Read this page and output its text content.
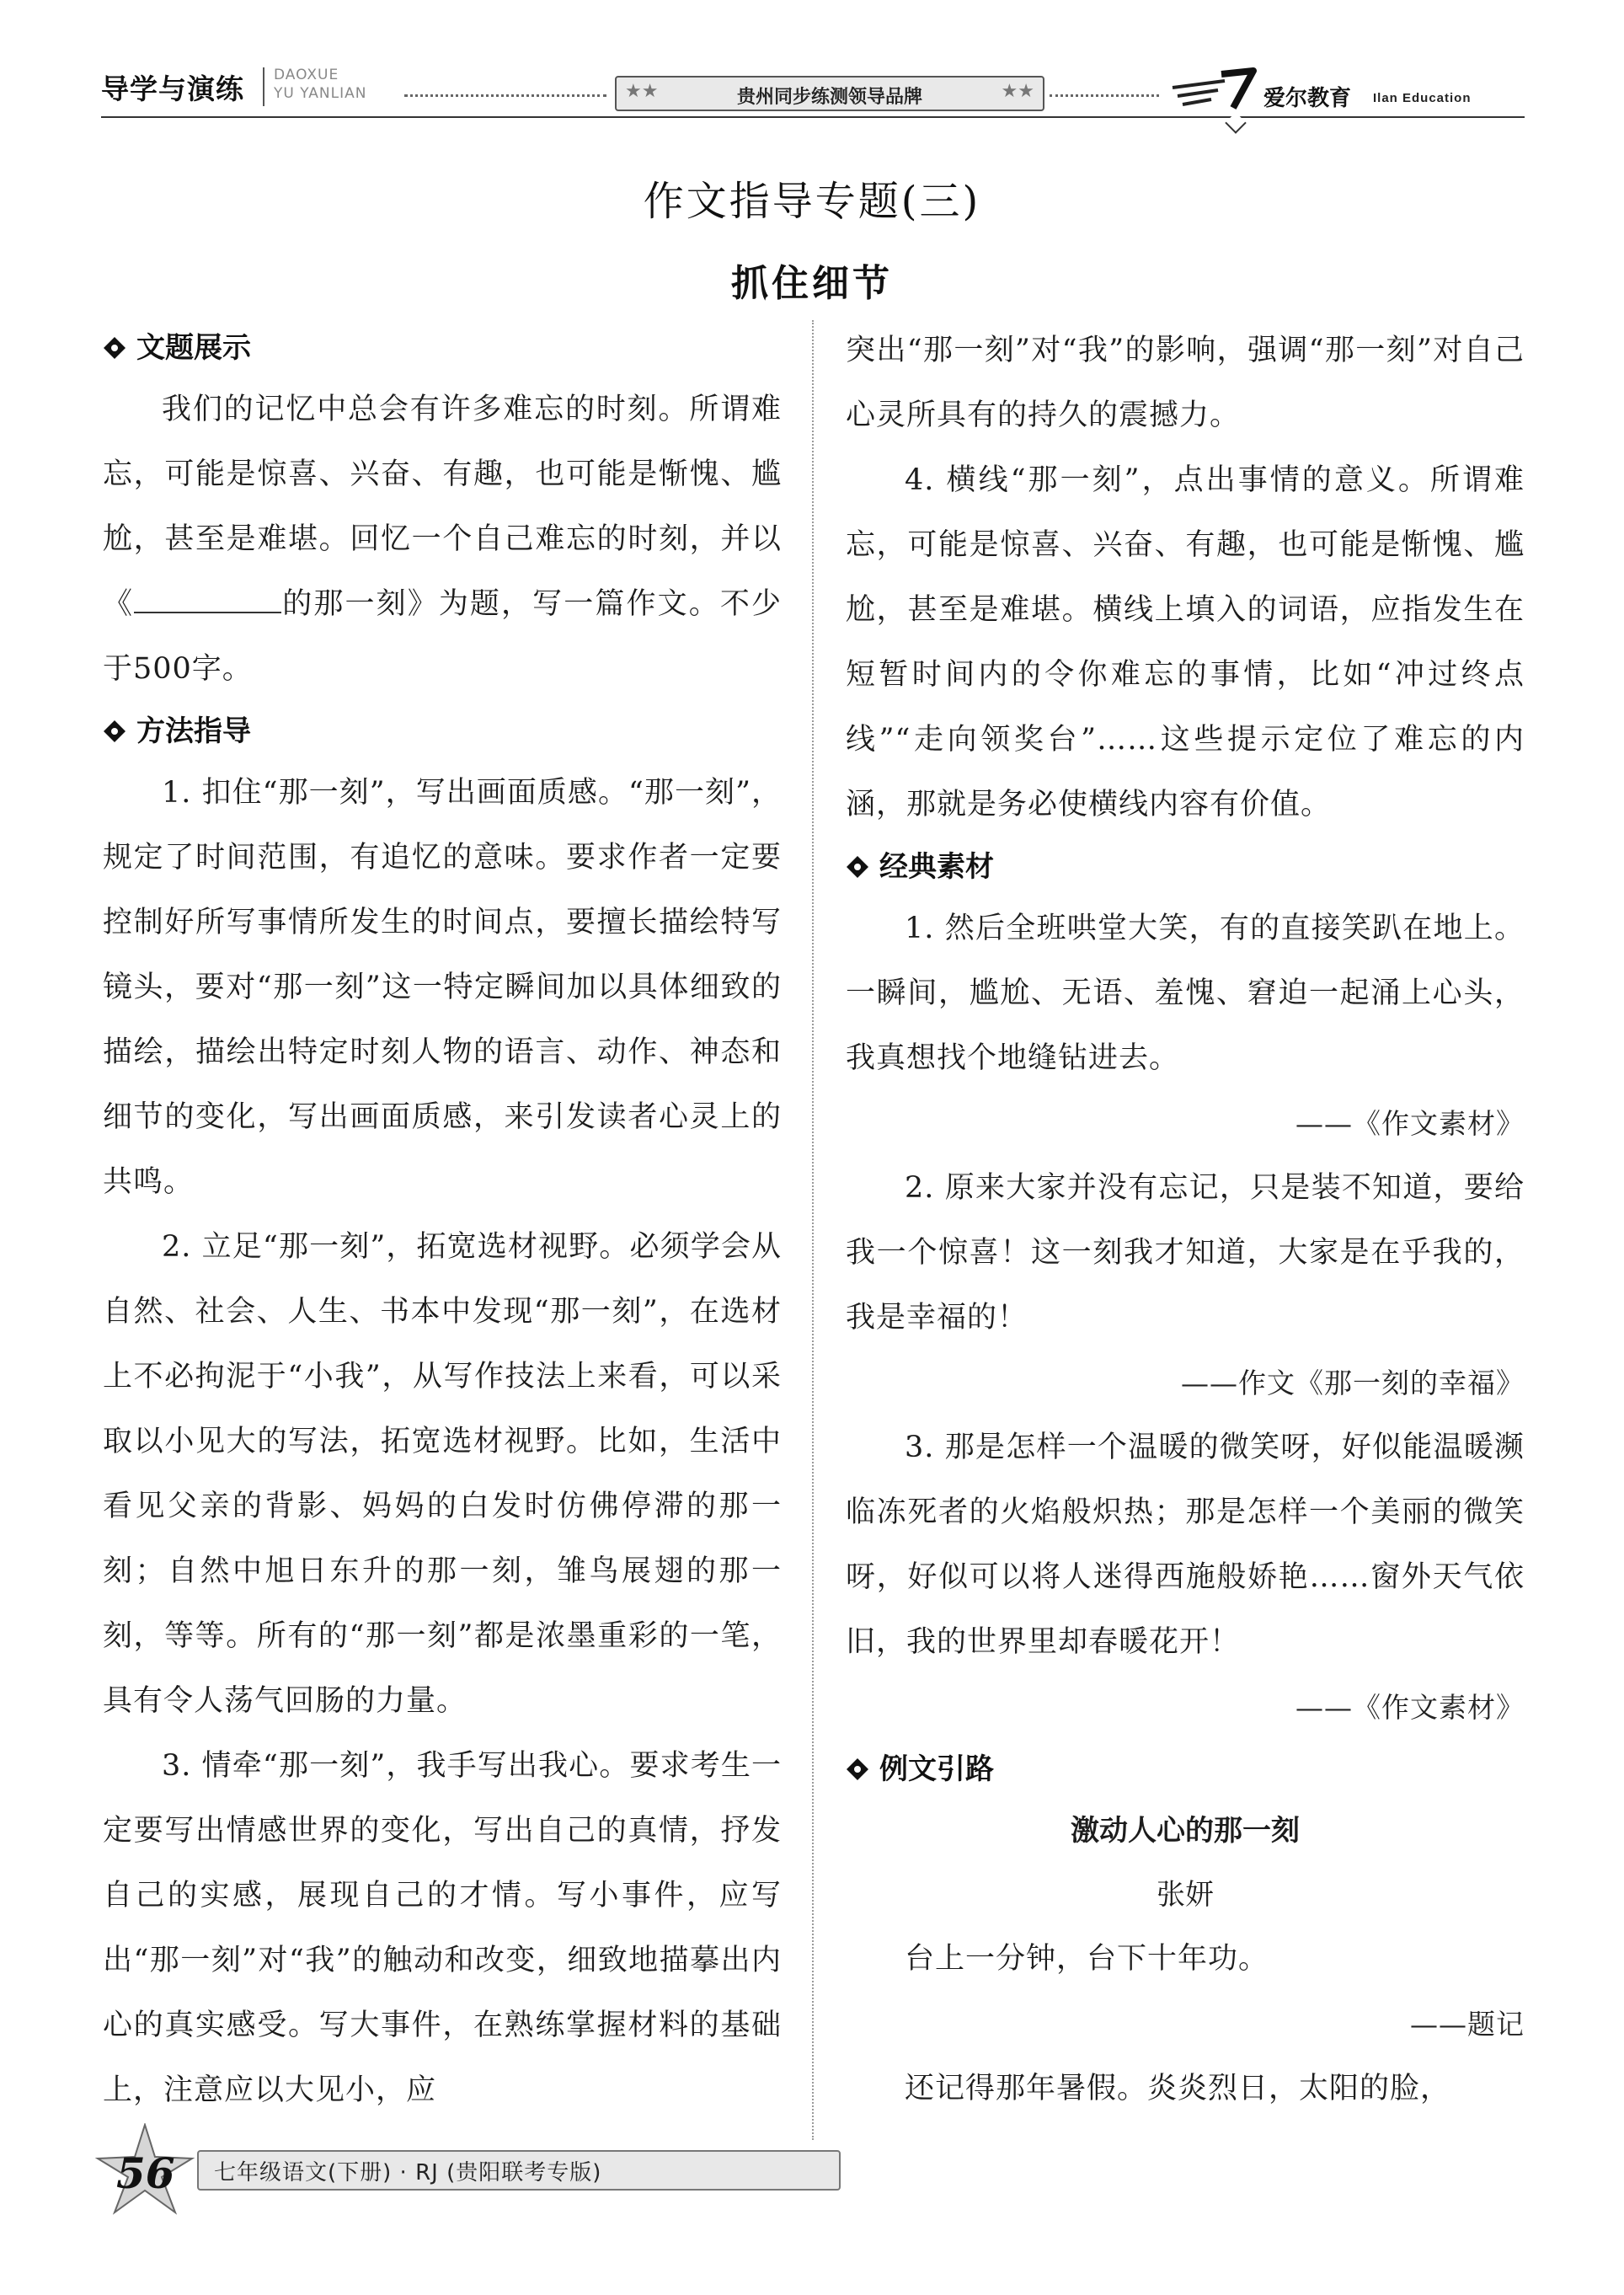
导学与演练 DAOXUE
YU YANLIAN	★★	贵州同步练测领导品牌	★★	爱尔教育 Ilan Education
作文指导专题(三)
抓住细节
文题展示

我们的记忆中总会有许多难忘的时刻。所谓难忘，可能是惊喜、兴奋、有趣，也可能是惭愧、尴尬，甚至是难堪。回忆一个自己难忘的时刻，并以《	的那一刻》为题，写一篇作文。不少于500字。

方法指导

1. 扣住“那一刻”，写出画面质感。“那一刻”，规定了时间范围，有追忆的意味。要求作者一定要控制好所写事情所发生的时间点，要擅长描绘特写镜头，要对“那一刻”这一特定瞬间加以具体细致的描绘，描绘出特定时刻人物的语言、动作、神态和细节的变化，写出画面质感，来引发读者心灵上的共鸣。

2. 立足“那一刻”，拓宽选材视野。必须学会从自然、社会、人生、书本中发现“那一刻”，在选材上不必拘泥于“小我”，从写作技法上来看，可以采取以小见大的写法，拓宽选材视野。比如，生活中看见父亲的背影、妈妈的白发时仿佛停滞的那一刻；自然中旭日东升的那一刻，雏鸟展翅的那一刻，等等。所有的“那一刻”都是浓墨重彩的一笔，具有令人荡气回肠的力量。

3. 情牵“那一刻”，我手写出我心。要求考生一定要写出情感世界的变化，写出自己的真情，抒发自己的实感，展现自己的才情。写小事件，应写出“那一刻”对“我”的触动和改变，细致地描摹出内心的真实感受。写大事件，在熟练掌握材料的基础上，注意应以大见小，应

突出“那一刻”对“我”的影响，强调“那一刻”对自己心灵所具有的持久的震撼力。

4. 横线“那一刻”，点出事情的意义。所谓难忘，可能是惊喜、兴奋、有趣，也可能是惭愧、尴尬，甚至是难堪。横线上填入的词语，应指发生在短暂时间内的令你难忘的事情，比如“冲过终点线”“走向领奖台”……这些提示定位了难忘的内涵，那就是务必使横线内容有价值。

经典素材

1. 然后全班哄堂大笑，有的直接笑趴在地上。一瞬间，尴尬、无语、羞愧、窘迫一起涌上心头，我真想找个地缝钻进去。

——《作文素材》

2. 原来大家并没有忘记，只是装不知道，要给我一个惊喜！这一刻我才知道，大家是在乎我的，我是幸福的！

——作文《那一刻的幸福》

3. 那是怎样一个温暖的微笑呀，好似能温暖濒临冻死者的火焰般炽热；那是怎样一个美丽的微笑呀，好似可以将人迷得西施般娇艳……窗外天气依旧，我的世界里却春暖花开！

——《作文素材》

例文引路
激动人心的那一刻
张妍

台上一分钟，台下十年功。

——题记

还记得那年暑假。炎炎烈日，太阳的脸，

56 七年级语文(下册) · RJ (贵阳联考专版)
